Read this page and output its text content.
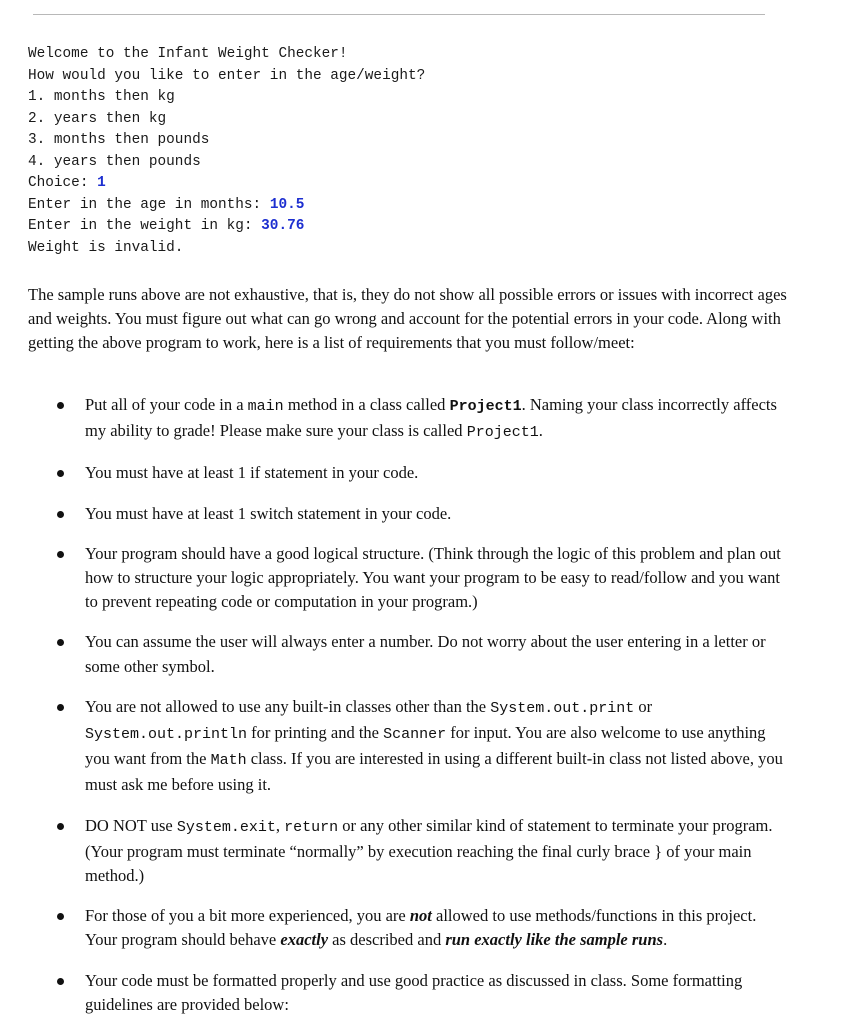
Welcome to the Infant Weight Checker!
How would you like to enter in the age/weight?
1. months then kg
2. years then kg
3. months then pounds
4. years then pounds
Choice: 1
Enter in the age in months: 10.5
Enter in the weight in kg: 30.76
Weight is invalid.

The sample runs above are not exhaustive, that is, they do not show all possible errors or issues with incorrect ages and weights. You must figure out what can go wrong and account for the potential errors in your code. Along with getting the above program to work, here is a list of requirements that you must follow/meet:

Put all of your code in a main method in a class called Project1. Naming your class incorrectly affects my ability to grade! Please make sure your class is called Project1.
You must have at least 1 if statement in your code.
You must have at least 1 switch statement in your code.
Your program should have a good logical structure. (Think through the logic of this problem and plan out how to structure your logic appropriately. You want your program to be easy to read/follow and you want to prevent repeating code or computation in your program.)
You can assume the user will always enter a number. Do not worry about the user entering in a letter or some other symbol.
You are not allowed to use any built-in classes other than the System.out.print or System.out.println for printing and the Scanner for input. You are also welcome to use anything you want from the Math class. If you are interested in using a different built-in class not listed above, you must ask me before using it.
DO NOT use System.exit, return or any other similar kind of statement to terminate your program. (Your program must terminate “normally” by execution reaching the final curly brace } of your main method.)
For those of you a bit more experienced, you are not allowed to use methods/functions in this project. Your program should behave exactly as described and run exactly like the sample runs.
Your code must be formatted properly and use good practice as discussed in class. Some formatting guidelines are provided below:
